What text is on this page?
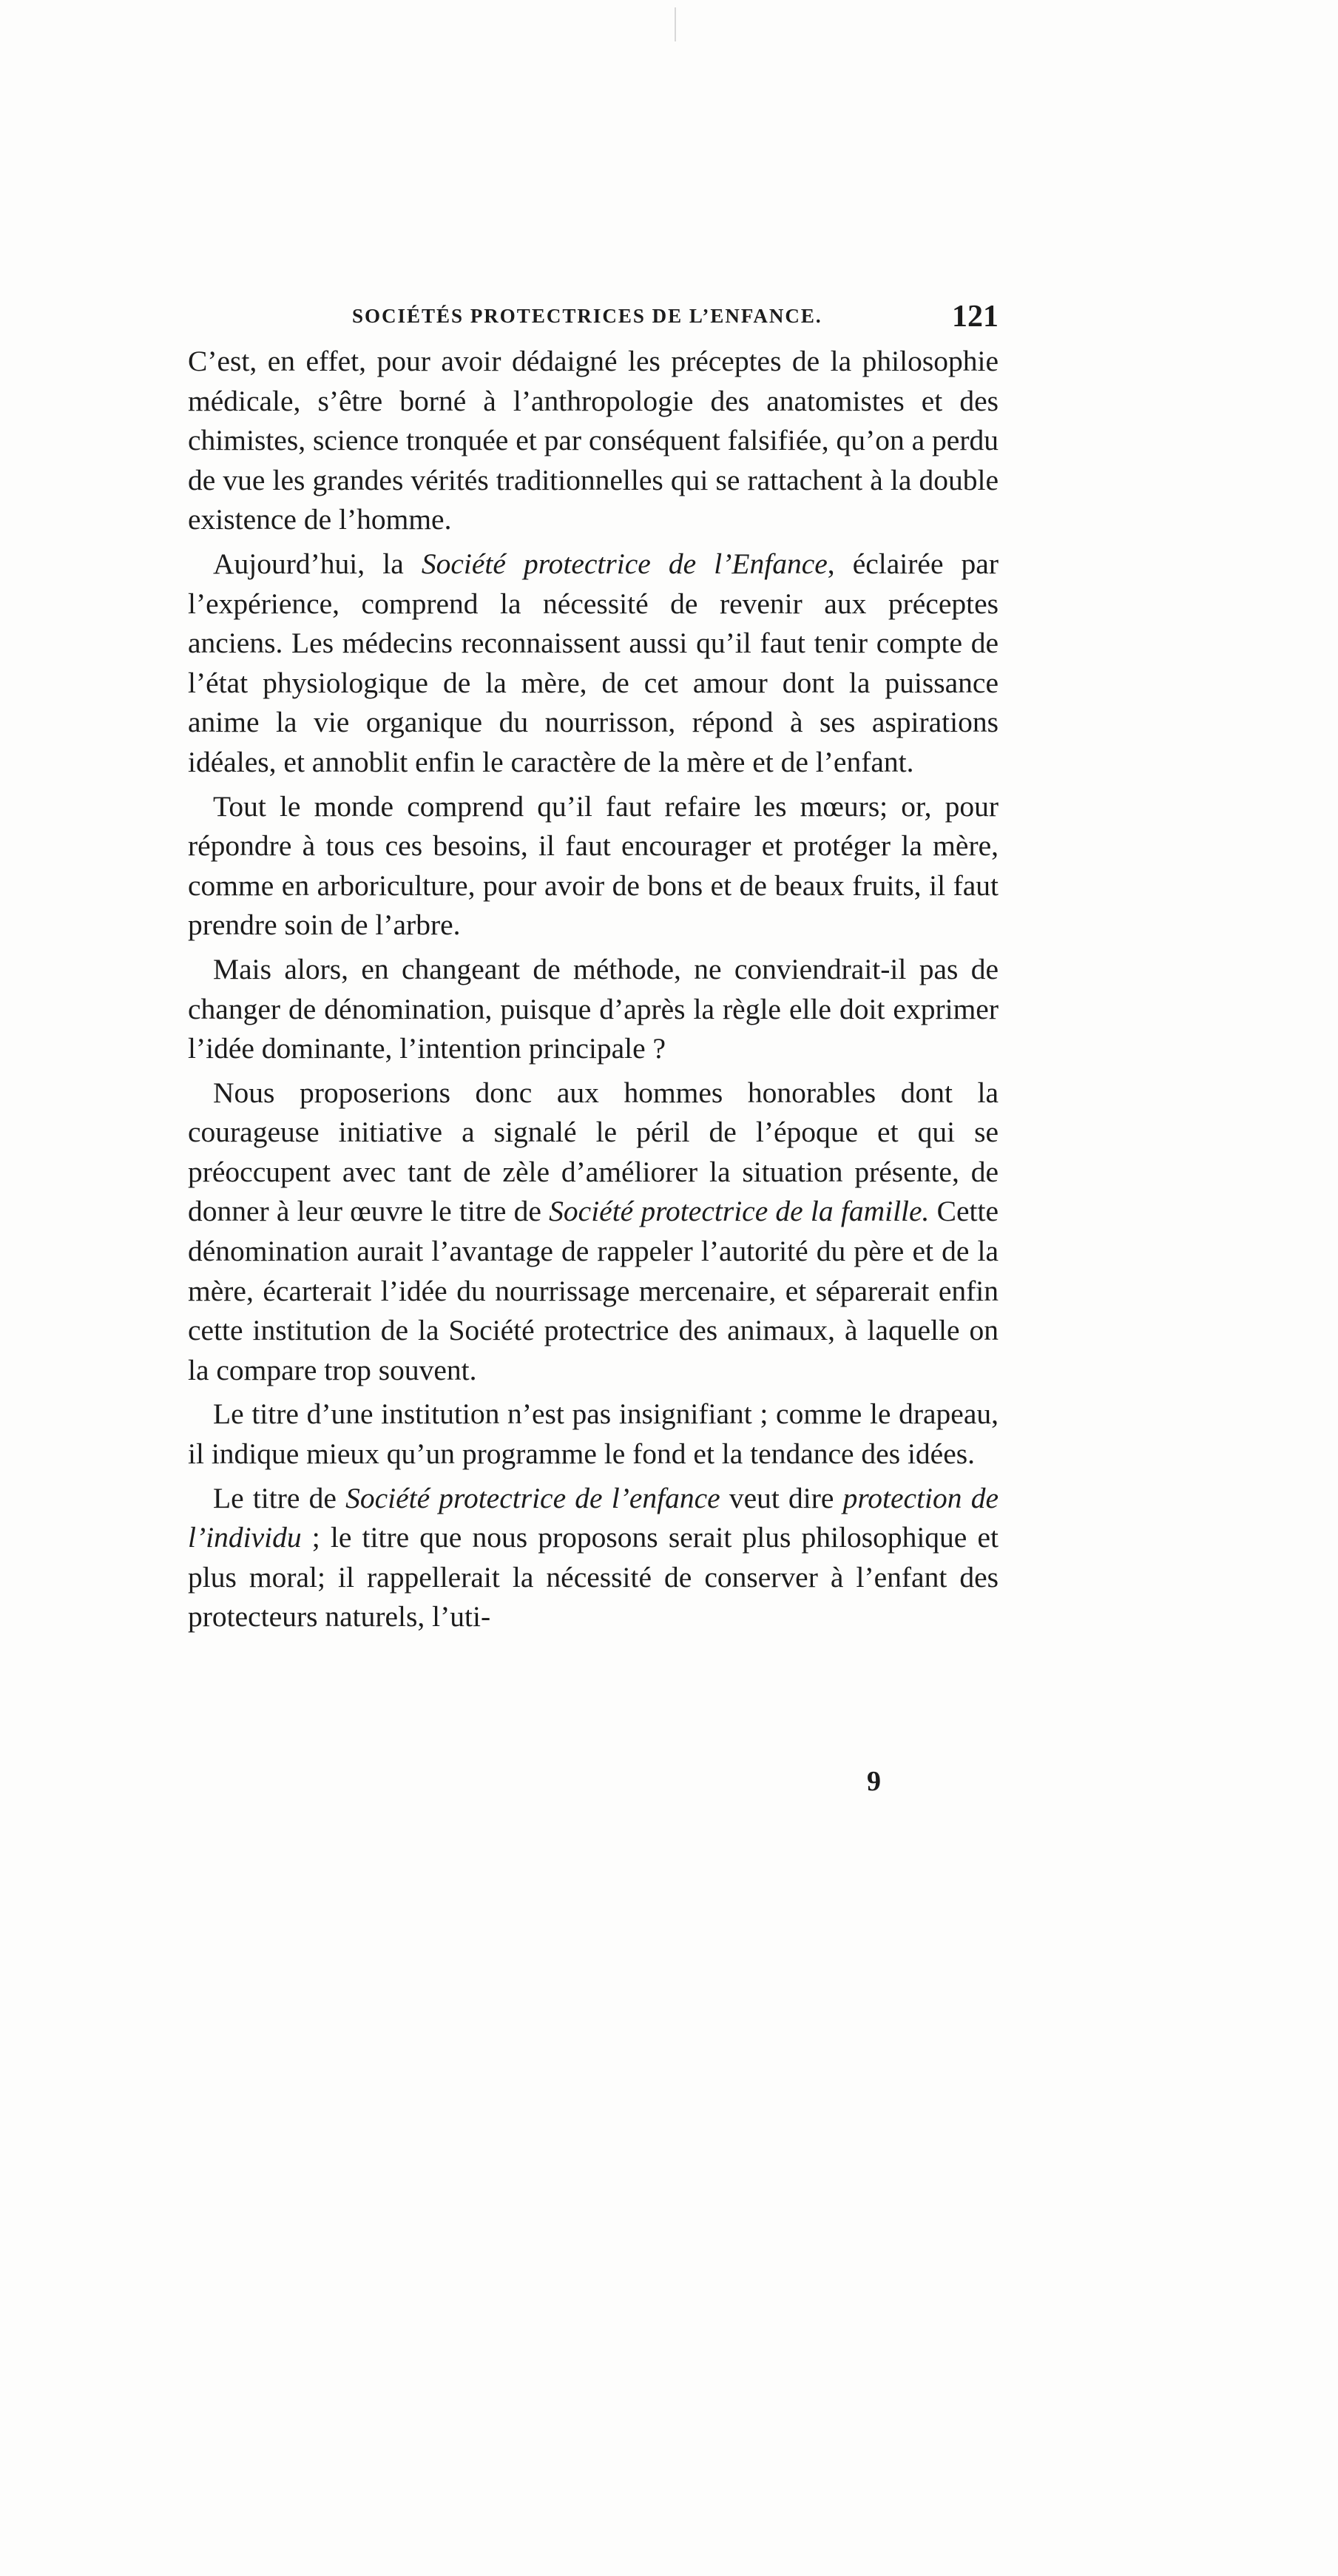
SOCIÉTÉS PROTECTRICES DE L’ENFANCE.	121

C’est, en effet, pour avoir dédaigné les préceptes de la philosophie médicale, s’être borné à l’anthropologie des anatomistes et des chimistes, science tronquée et par conséquent falsifiée, qu’on a perdu de vue les grandes vérités traditionnelles qui se rattachent à la double existence de l’homme.

Aujourd’hui, la Société protectrice de l’Enfance, éclairée par l’expérience, comprend la nécessité de revenir aux préceptes anciens. Les médecins reconnaissent aussi qu’il faut tenir compte de l’état physiologique de la mère, de cet amour dont la puissance anime la vie organique du nourrisson, répond à ses aspirations idéales, et annoblit enfin le caractère de la mère et de l’enfant.

Tout le monde comprend qu’il faut refaire les mœurs; or, pour répondre à tous ces besoins, il faut encourager et protéger la mère, comme en arboriculture, pour avoir de bons et de beaux fruits, il faut prendre soin de l’arbre.

Mais alors, en changeant de méthode, ne conviendrait-il pas de changer de dénomination, puisque d’après la règle elle doit exprimer l’idée dominante, l’intention principale ?

Nous proposerions donc aux hommes honorables dont la courageuse initiative a signalé le péril de l’époque et qui se préoccupent avec tant de zèle d’améliorer la situation présente, de donner à leur œuvre le titre de Société protectrice de la famille. Cette dénomination aurait l’avantage de rappeler l’autorité du père et de la mère, écarterait l’idée du nourrissage mercenaire, et séparerait enfin cette institution de la Société protectrice des animaux, à laquelle on la compare trop souvent.

Le titre d’une institution n’est pas insignifiant ; comme le drapeau, il indique mieux qu’un programme le fond et la tendance des idées.

Le titre de Société protectrice de l’enfance veut dire protection de l’individu ; le titre que nous proposons serait plus philosophique et plus moral; il rappellerait la nécessité de conserver à l’enfant des protecteurs naturels, l’uti-

9
